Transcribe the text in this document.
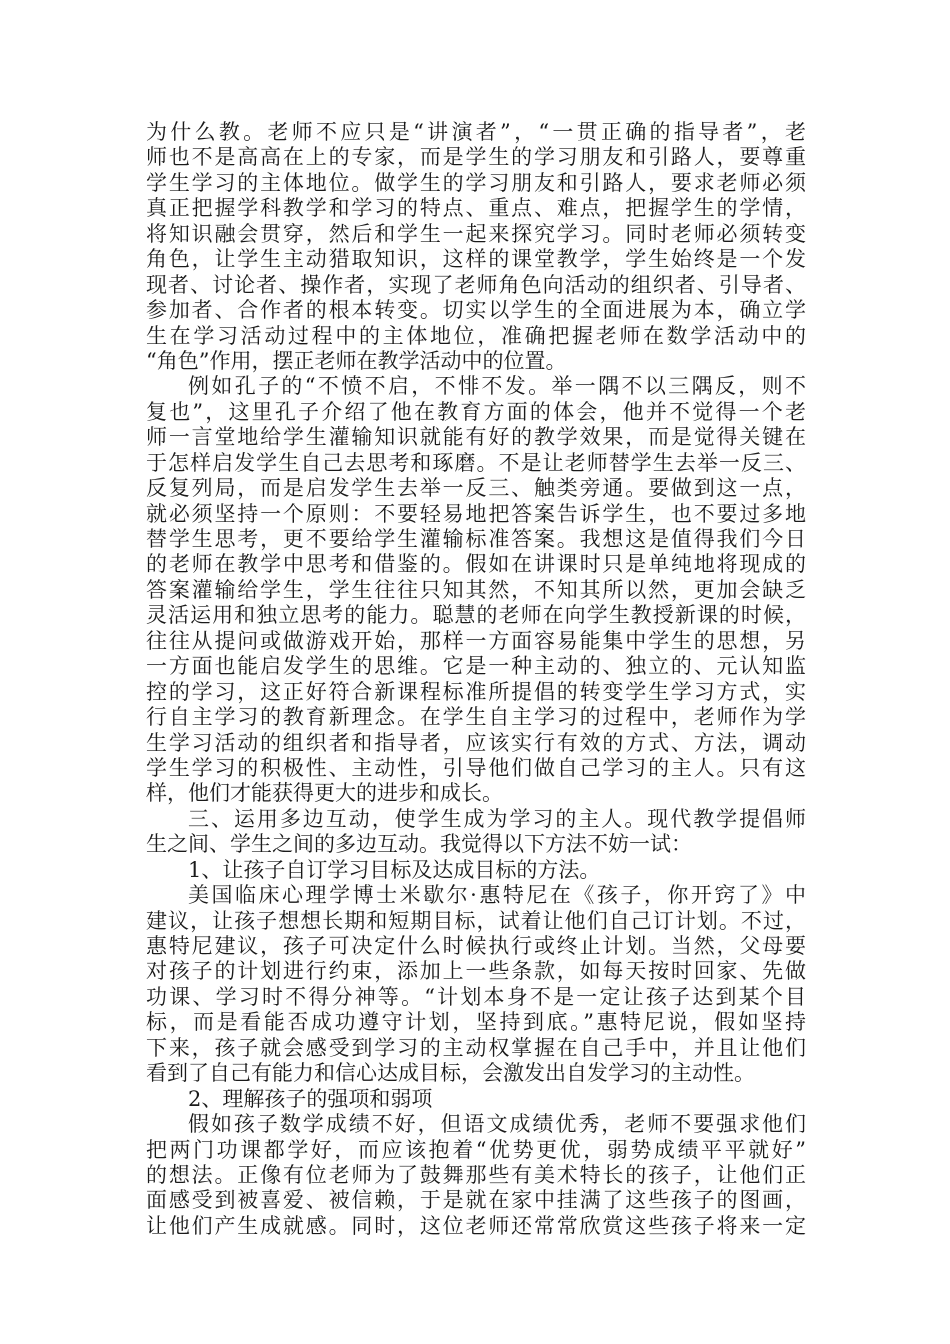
为什么教。老师不应只是“讲演者”，“一贯正确的指导者”，老
师也不是高高在上的专家，而是学生的学习朋友和引路人，要尊重
学生学习的主体地位。做学生的学习朋友和引路人，要求老师必须
真正把握学科教学和学习的特点、重点、难点，把握学生的学情，
将知识融会贯穿，然后和学生一起来探究学习。同时老师必须转变
角色，让学生主动猎取知识，这样的课堂教学，学生始终是一个发
现者、讨论者、操作者，实现了老师角色向活动的组织者、引导者、
参加者、合作者的根本转变。切实以学生的全面进展为本，确立学
生在学习活动过程中的主体地位，准确把握老师在数学活动中的
“角色”作用，摆正老师在教学活动中的位置。
例如孔子的“不愤不启，不悱不发。举一隅不以三隅反，则不
复也”，这里孔子介绍了他在教育方面的体会，他并不觉得一个老
师一言堂地给学生灌输知识就能有好的教学效果，而是觉得关键在
于怎样启发学生自己去思考和琢磨。不是让老师替学生去举一反三、
反复列局，而是启发学生去举一反三、触类旁通。要做到这一点，
就必须坚持一个原则：不要轻易地把答案告诉学生，也不要过多地
替学生思考，更不要给学生灌输标准答案。我想这是值得我们今日
的老师在教学中思考和借鉴的。假如在讲课时只是单纯地将现成的
答案灌输给学生，学生往往只知其然，不知其所以然，更加会缺乏
灵活运用和独立思考的能力。聪慧的老师在向学生教授新课的时候，
往往从提问或做游戏开始，那样一方面容易能集中学生的思想，另
一方面也能启发学生的思维。它是一种主动的、独立的、元认知监
控的学习，这正好符合新课程标准所提倡的转变学生学习方式，实
行自主学习的教育新理念。在学生自主学习的过程中，老师作为学
生学习活动的组织者和指导者，应该实行有效的方式、方法，调动
学生学习的积极性、主动性，引导他们做自己学习的主人。只有这
样，他们才能获得更大的进步和成长。
三、运用多边互动，使学生成为学习的主人。现代教学提倡师
生之间、学生之间的多边互动。我觉得以下方法不妨一试：
1、让孩子自订学习目标及达成目标的方法。
美国临床心理学博士米歇尔·惠特尼在《孩子，你开窍了》中
建议，让孩子想想长期和短期目标，试着让他们自己订计划。不过，
惠特尼建议，孩子可决定什么时候执行或终止计划。当然，父母要
对孩子的计划进行约束，添加上一些条款，如每天按时回家、先做
功课、学习时不得分神等。“计划本身不是一定让孩子达到某个目
标，而是看能否成功遵守计划，坚持到底。”惠特尼说，假如坚持
下来，孩子就会感受到学习的主动权掌握在自己手中，并且让他们
看到了自己有能力和信心达成目标，会激发出自发学习的主动性。
2、理解孩子的强项和弱项
假如孩子数学成绩不好，但语文成绩优秀，老师不要强求他们
把两门功课都学好，而应该抱着“优势更优，弱势成绩平平就好”
的想法。正像有位老师为了鼓舞那些有美术特长的孩子，让他们正
面感受到被喜爱、被信赖，于是就在家中挂满了这些孩子的图画，
让他们产生成就感。同时，这位老师还常常欣赏这些孩子将来一定
